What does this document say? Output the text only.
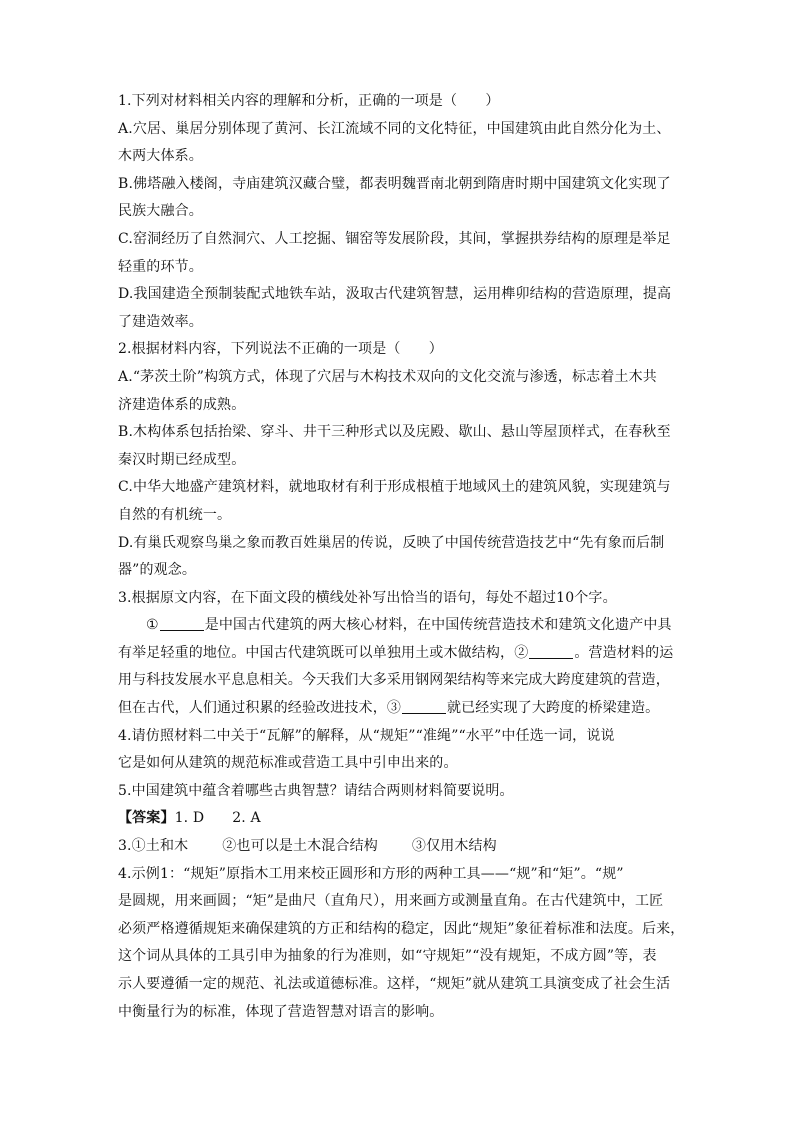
1.下列对材料相关内容的理解和分析，正确的一项是（　　）
A.穴居、巢居分别体现了黄河、长江流域不同的文化特征，中国建筑由此自然分化为土、
木两大体系。
B.佛塔融入楼阁，寺庙建筑汉藏合璧，都表明魏晋南北朝到隋唐时期中国建筑文化实现了
民族大融合。
C.窑洞经历了自然洞穴、人工挖掘、锢窑等发展阶段，其间，掌握拱券结构的原理是举足
轻重的环节。
D.我国建造全预制装配式地铁车站，汲取古代建筑智慧，运用榫卯结构的营造原理，提高
了建造效率。
2.根据材料内容，下列说法不正确的一项是（　　）
A.“茅茨土阶”构筑方式，体现了穴居与木构技术双向的文化交流与渗透，标志着土木共
济建造体系的成熟。
B.木构体系包括抬梁、穿斗、井干三种形式以及庑殿、歇山、悬山等屋顶样式，在春秋至
秦汉时期已经成型。
C.中华大地盛产建筑材料，就地取材有利于形成根植于地域风土的建筑风貌，实现建筑与
自然的有机统一。
D.有巢氏观察鸟巢之象而教百姓巢居的传说，反映了中国传统营造技艺中“先有象而后制
器”的观念。
3.根据原文内容，在下面文段的横线处补写出恰当的语句，每处不超过10个字。
①	是中国古代建筑的两大核心材料，在中国传统营造技术和建筑文化遗产中具
有举足轻重的地位。中国古代建筑既可以单独用土或木做结构，②	。营造材料的运
用与科技发展水平息息相关。今天我们大多采用钢网架结构等来完成大跨度建筑的营造，
但在古代，人们通过积累的经验改进技术，③	就已经实现了大跨度的桥梁建造。
4.请仿照材料二中关于“瓦解”的解释，从“规矩”“准绳”“水平”中任选一词，说说
它是如何从建筑的规范标准或营造工具中引申出来的。
5.中国建筑中蕴含着哪些古典智慧？请结合两则材料简要说明。
【答案】1. D 2. A
3.①土和木 ②也可以是土木混合结构 ③仅用木结构
4.示例1：“规矩”原指木工用来校正圆形和方形的两种工具——“规”和“矩”。“规”
是圆规，用来画圆；“矩”是曲尺（直角尺），用来画方或测量直角。在古代建筑中，工匠
必须严格遵循规矩来确保建筑的方正和结构的稳定，因此“规矩”象征着标准和法度。后来，
这个词从具体的工具引申为抽象的行为准则，如“守规矩”“没有规矩，不成方圆”等，表
示人要遵循一定的规范、礼法或道德标准。这样，“规矩”就从建筑工具演变成了社会生活
中衡量行为的标准，体现了营造智慧对语言的影响。
